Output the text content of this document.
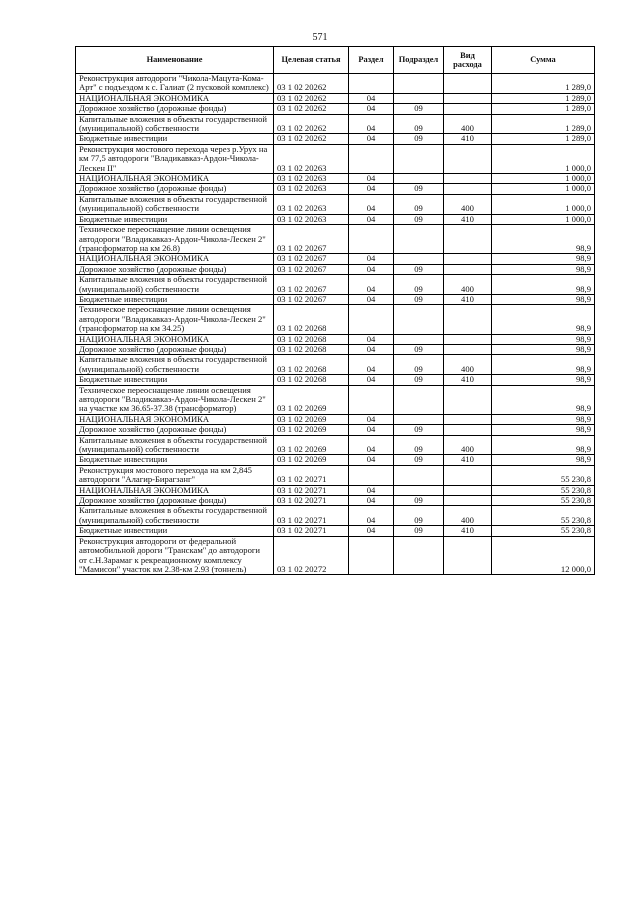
571
Наименование	Целевая статья	Раздел	Подраздел	Вид расхода	Сумма
Реконструкция автодороги "Чикола-Мацута-Кома-Арт" с подъездом к с. Галиат (2 пусковой комплекс)	03 1 02 20262				1 289,0
НАЦИОНАЛЬНАЯ ЭКОНОМИКА	03 1 02 20262	04			1 289,0
Дорожное хозяйство (дорожные фонды)	03 1 02 20262	04	09		1 289,0
Капитальные вложения в объекты государственной (муниципальной) собственности	03 1 02 20262	04	09	400	1 289,0
Бюджетные инвестиции	03 1 02 20262	04	09	410	1 289,0
Реконструкция мостового перехода через р.Урух на км 77,5 автодороги "Владикавказ-Ардон-Чикола-Лескен II"	03 1 02 20263				1 000,0
НАЦИОНАЛЬНАЯ ЭКОНОМИКА	03 1 02 20263	04			1 000,0
Дорожное хозяйство (дорожные фонды)	03 1 02 20263	04	09		1 000,0
Капитальные вложения в объекты государственной (муниципальной) собственности	03 1 02 20263	04	09	400	1 000,0
Бюджетные инвестиции	03 1 02 20263	04	09	410	1 000,0
Техническое переоснащение линии освещения автодороги "Владикавказ-Ардон-Чикола-Лескен 2" (трансформатор на км 26.8)	03 1 02 20267				98,9
НАЦИОНАЛЬНАЯ ЭКОНОМИКА	03 1 02 20267	04			98,9
Дорожное хозяйство (дорожные фонды)	03 1 02 20267	04	09		98,9
Капитальные вложения в объекты государственной (муниципальной) собственности	03 1 02 20267	04	09	400	98,9
Бюджетные инвестиции	03 1 02 20267	04	09	410	98,9
Техническое переоснащение линии освещения автодороги "Владикавказ-Ардон-Чикола-Лескен 2" (трансформатор на км 34.25)	03 1 02 20268				98,9
НАЦИОНАЛЬНАЯ ЭКОНОМИКА	03 1 02 20268	04			98,9
Дорожное хозяйство (дорожные фонды)	03 1 02 20268	04	09		98,9
Капитальные вложения в объекты государственной (муниципальной) собственности	03 1 02 20268	04	09	400	98,9
Бюджетные инвестиции	03 1 02 20268	04	09	410	98,9
Техническое переоснащение линии освещения автодороги "Владикавказ-Ардон-Чикола-Лескен 2" на участке км 36.65-37.38 (трансформатор)	03 1 02 20269				98,9
НАЦИОНАЛЬНАЯ ЭКОНОМИКА	03 1 02 20269	04			98,9
Дорожное хозяйство (дорожные фонды)	03 1 02 20269	04	09		98,9
Капитальные вложения в объекты государственной (муниципальной) собственности	03 1 02 20269	04	09	400	98,9
Бюджетные инвестиции	03 1 02 20269	04	09	410	98,9
Реконструкция мостового перехода на км 2,845 автодороги "Алагир-Бирагзанг"	03 1 02 20271				55 230,8
НАЦИОНАЛЬНАЯ ЭКОНОМИКА	03 1 02 20271	04			55 230,8
Дорожное хозяйство (дорожные фонды)	03 1 02 20271	04	09		55 230,8
Капитальные вложения в объекты государственной (муниципальной) собственности	03 1 02 20271	04	09	400	55 230,8
Бюджетные инвестиции	03 1 02 20271	04	09	410	55 230,8
Реконструкция автодороги от федеральной автомобильной дороги "Транскам" до автодороги от с.Н.Зарамаг к рекреационному комплексу "Мамисон" участок км 2.38-км 2.93 (тоннель)	03 1 02 20272				12 000,0
